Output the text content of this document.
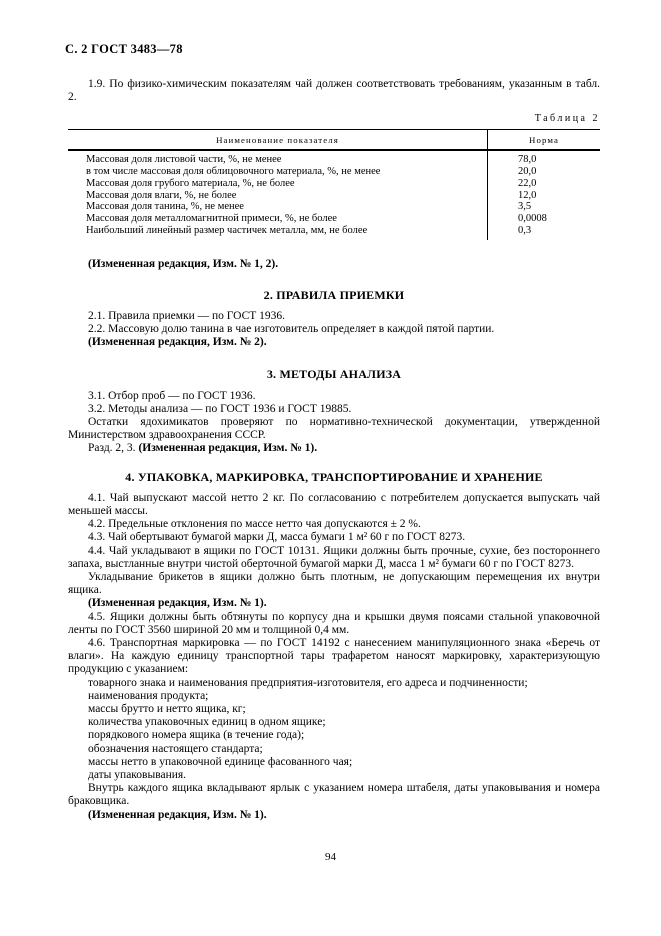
С. 2 ГОСТ 3483—78

1.9. По физико-химическим показателям чай должен соответствовать требованиям, указанным в табл. 2.

Таблица 2
Наименование показателя	Норма
Массовая доля листовой части, %, не менее	78,0
в том числе массовая доля облицовочного материала, %, не менее	20,0
Массовая доля грубого материала, %, не более	22,0
Массовая доля влаги, %, не более	12,0
Массовая доля танина, %, не менее	3,5
Массовая доля металломагнитной примеси, %, не более	0,0008
Наибольший линейный размер частичек металла, мм, не более	0,3

(Измененная редакция, Изм. № 1, 2).

2. ПРАВИЛА ПРИЕМКИ

2.1. Правила приемки — по ГОСТ 1936.

2.2. Массовую долю танина в чае изготовитель определяет в каждой пятой партии.

(Измененная редакция, Изм. № 2).

3. МЕТОДЫ АНАЛИЗА

3.1. Отбор проб — по ГОСТ 1936.

3.2. Методы анализа — по ГОСТ 1936 и ГОСТ 19885.

Остатки ядохимикатов проверяют по нормативно-технической документации, утвержденной Министерством здравоохранения СССР.

Разд. 2, 3. (Измененная редакция, Изм. № 1).

4. УПАКОВКА, МАРКИРОВКА, ТРАНСПОРТИРОВАНИЕ И ХРАНЕНИЕ

4.1. Чай выпускают массой нетто 2 кг. По согласованию с потребителем допускается выпускать чай меньшей массы.

4.2. Предельные отклонения по массе нетто чая допускаются ± 2 %.

4.3. Чай обертывают бумагой марки Д, масса бумаги 1 м² 60 г по ГОСТ 8273.

4.4. Чай укладывают в ящики по ГОСТ 10131. Ящики должны быть прочные, сухие, без постороннего запаха, выстланные внутри чистой оберточной бумагой марки Д, масса 1 м² бумаги 60 г по ГОСТ 8273.

Укладывание брикетов в ящики должно быть плотным, не допускающим перемещения их внутри ящика.

(Измененная редакция, Изм. № 1).

4.5. Ящики должны быть обтянуты по корпусу дна и крышки двумя поясами стальной упаковочной ленты по ГОСТ 3560 шириной 20 мм и толщиной 0,4 мм.

4.6. Транспортная маркировка — по ГОСТ 14192 с нанесением манипуляционного знака «Беречь от влаги». На каждую единицу транспортной тары трафаретом наносят маркировку, характеризующую продукцию с указанием:

товарного знака и наименования предприятия-изготовителя, его адреса и подчиненности;
наименования продукта;
массы брутто и нетто ящика, кг;
количества упаковочных единиц в одном ящике;
порядкового номера ящика (в течение года);
обозначения настоящего стандарта;
массы нетто в упаковочной единице фасованного чая;
даты упаковывания.

Внутрь каждого ящика вкладывают ярлык с указанием номера штабеля, даты упаковывания и номера браковщика.

(Измененная редакция, Изм. № 1).

94
